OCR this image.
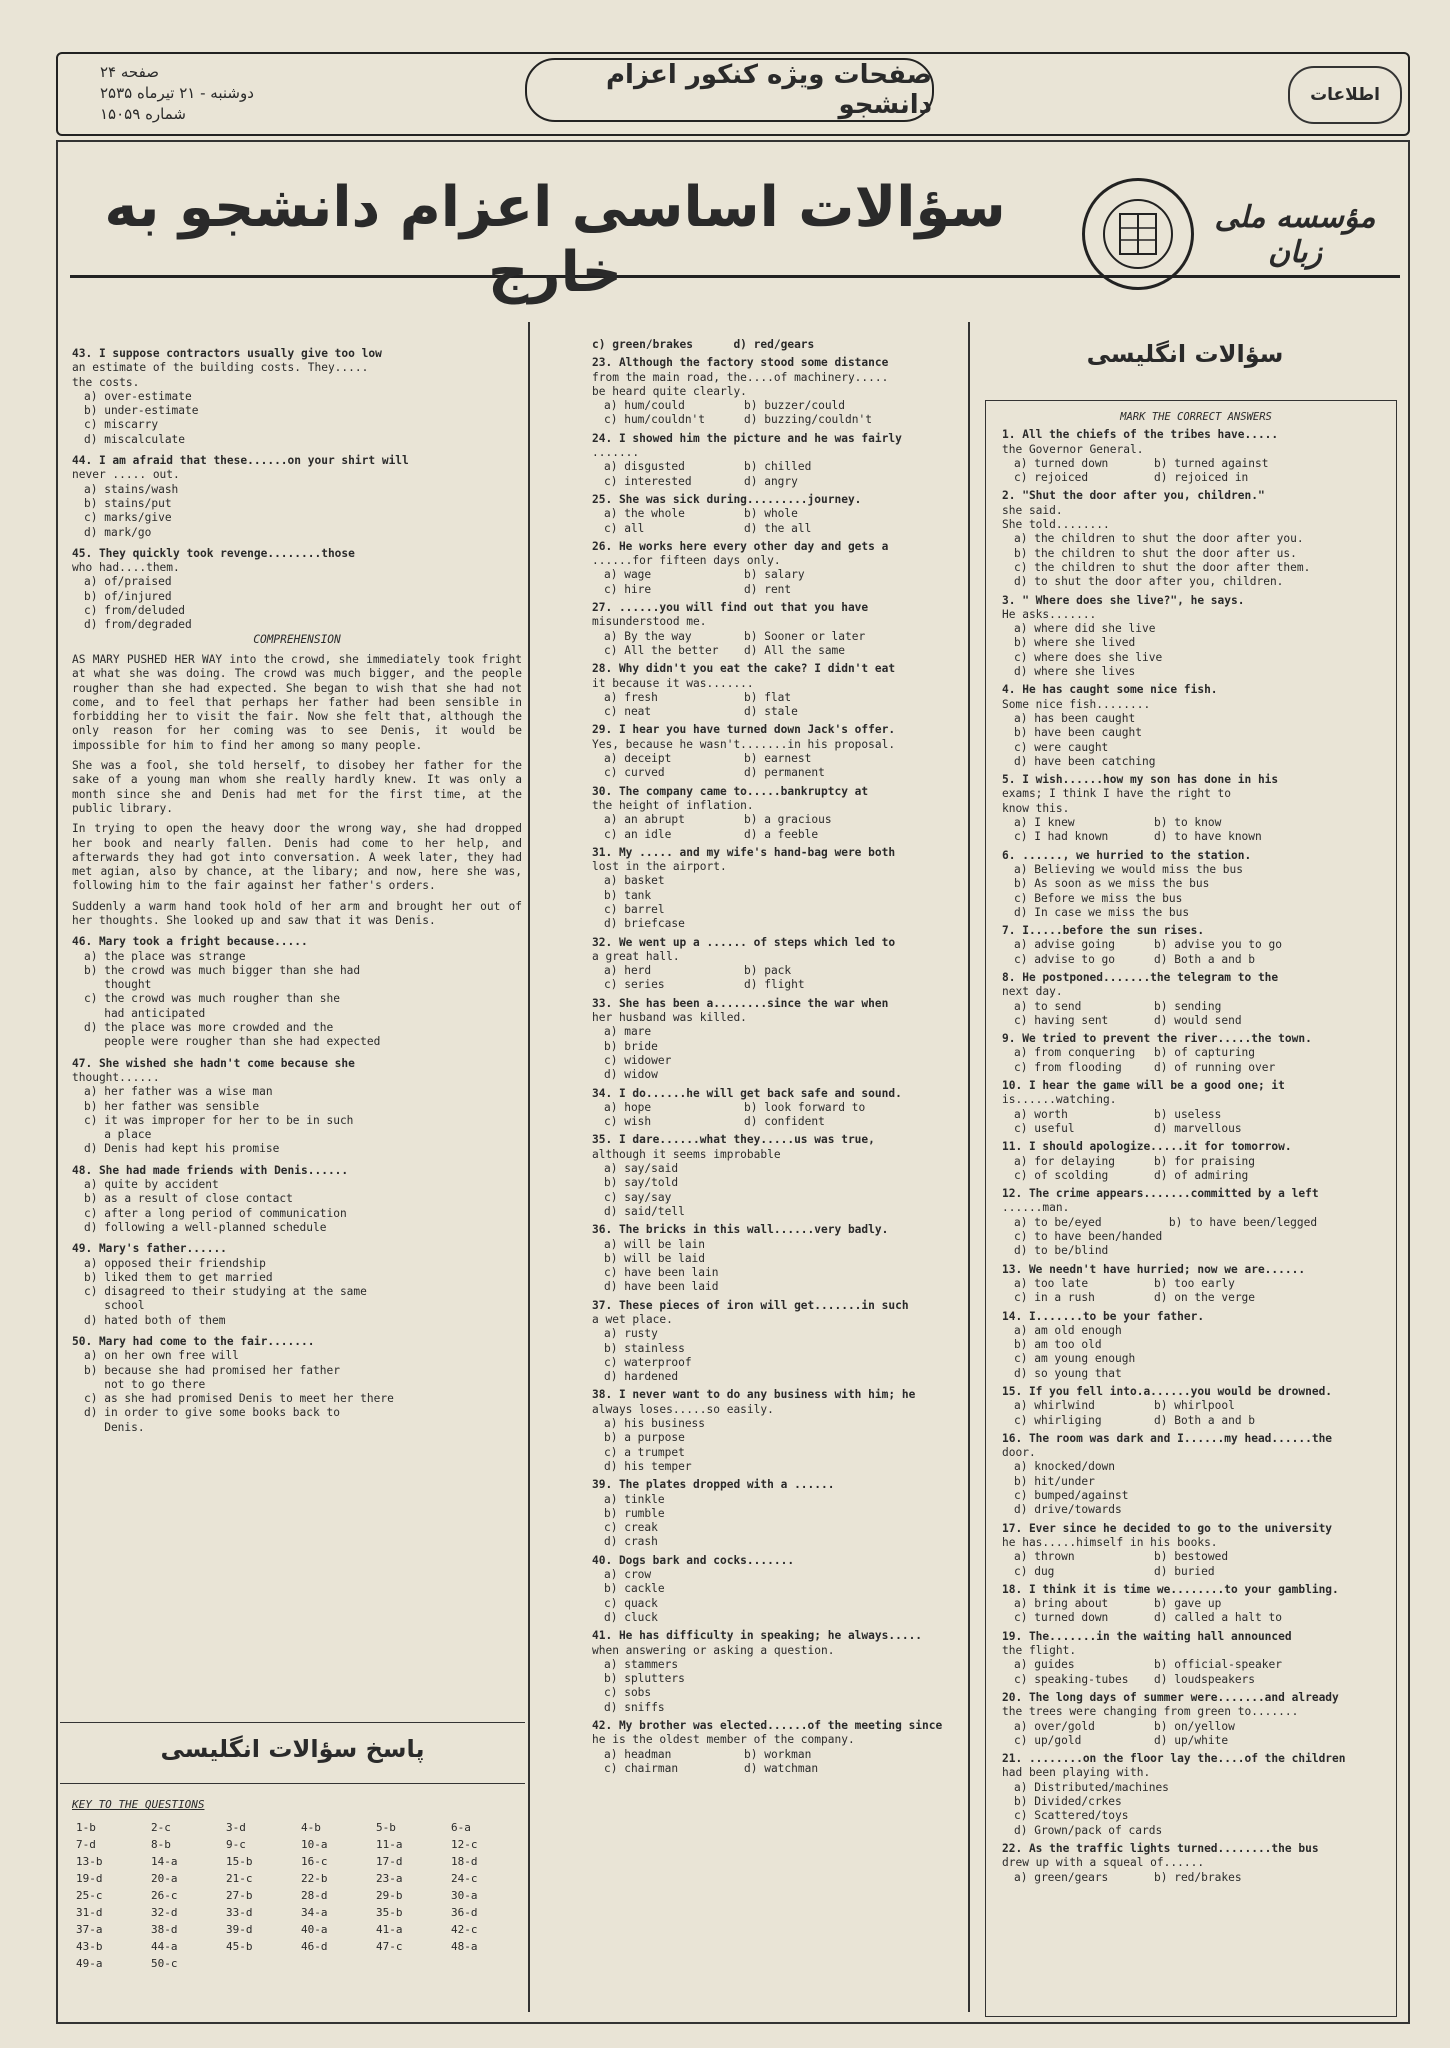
اطلاعات
صفحات ویژه کنکور اعزام دانشجو
صفحه ۲۴
دوشنبه - ۲۱ تیرماه ۲۵۳۵
شماره ۱۵۰۵۹
سؤالات اساسی اعزام دانشجو به خارج
مؤسسه ملی زبان
سؤالات انگلیسی

43. I suppose contractors usually give too low

an estimate of the building costs. They.....

the costs.

a) over-estimate

b) under-estimate

c) miscarry

d) miscalculate

44. I am afraid that these......on your shirt will

never ..... out.

a) stains/wash

b) stains/put

c) marks/give

d) mark/go

45. They quickly took revenge........those

who had....them.

a) of/praised

b) of/injured

c) from/deluded

d) from/degraded

COMPREHENSION

AS MARY PUSHED HER WAY into the crowd, she immediately took fright at what she was doing. The crowd was much bigger, and the people rougher than she had expected. She began to wish that she had not come, and to feel that perhaps her father had been sensible in forbidding her to visit the fair. Now she felt that, although the only reason for her coming was to see Denis, it would be impossible for him to find her among so many people.

She was a fool, she told herself, to disobey her father for the sake of a young man whom she really hardly knew. It was only a month since she and Denis had met for the first time, at the public library.

In trying to open the heavy door the wrong way, she had dropped her book and nearly fallen. Denis had come to her help, and afterwards they had got into conversation. A week later, they had met agian, also by chance, at the libary; and now, here she was, following him to the fair against her father's orders.

Suddenly a warm hand took hold of her arm and brought her out of her thoughts. She looked up and saw that it was Denis.

46. Mary took a fright because.....

a) the place was strange

b) the crowd was much bigger than she had

thought

c) the crowd was much rougher than she

had anticipated

d) the place was more crowded and the

people were rougher than she had expected

47. She wished she hadn't come because she

thought......

a) her father was a wise man

b) her father was sensible

c) it was improper for her to be in such

a place

d) Denis had kept his promise

48. She had made friends with Denis......

a) quite by accident

b) as a result of close contact

c) after a long period of communication

d) following a well-planned schedule

49. Mary's father......

a) opposed their friendship

b) liked them to get married

c) disagreed to their studying at the same

school

d) hated both of them

50. Mary had come to the fair.......

a) on her own free will

b) because she had promised her father

not to go there

c) as she had promised Denis to meet her there

d) in order to give some books back to

Denis.

پاسخ سؤالات انگلیسی
KEY TO THE QUESTIONS
1-b	2-c	3-d	4-b	5-b	6-a
7-d	8-b	9-c	10-a	11-a	12-c
13-b	14-a	15-b	16-c	17-d	18-d
19-d	20-a	21-c	22-b	23-a	24-c
25-c	26-c	27-b	28-d	29-b	30-a
31-d	32-d	33-d	34-a	35-b	36-d
37-a	38-d	39-d	40-a	41-a	42-c
43-b	44-a	45-b	46-d	47-c	48-a
49-a	50-c				

c) green/brakes      d) red/gears

23. Although the factory stood some distance

from the main road, the....of machinery.....

be heard quite clearly.

a) hum/could	b) buzzer/could
c) hum/couldn't	d) buzzing/couldn't

24. I showed him the picture and he was fairly

.......

a) disgusted	b) chilled
c) interested	d) angry

25. She was sick during.........journey.

a) the whole	b) whole
c) all	d) the all

26. He works here every other day and gets a

......for fifteen days only.

a) wage	b) salary
c) hire	d) rent

27. ......you will find out that you have

misunderstood me.

a) By the way	b) Sooner or later
c) All the better	d) All the same

28. Why didn't you eat the cake? I didn't eat

it because it was.......

a) fresh	b) flat
c) neat	d) stale

29. I hear you have turned down Jack's offer.

Yes, because he wasn't.......in his proposal.

a) deceipt	b) earnest
c) curved	d) permanent

30. The company came to.....bankruptcy at

the height of inflation.

a) an abrupt	b) a gracious
c) an idle	d) a feeble

31. My ..... and my wife's hand-bag were both

lost in the airport.

a) basket

b) tank

c) barrel

d) briefcase

32. We went up a ...... of steps which led to

a great hall.

a) herd	b) pack
c) series	d) flight

33. She has been a........since the war when

her husband was killed.

a) mare

b) bride

c) widower

d) widow

34. I do......he will get back safe and sound.

a) hope	b) look forward to
c) wish	d) confident

35. I dare......what they.....us was true,

although it seems improbable

a) say/said

b) say/told

c) say/say

d) said/tell

36. The bricks in this wall......very badly.

a) will be lain

b) will be laid

c) have been lain

d) have been laid

37. These pieces of iron will get.......in such

a wet place.

a) rusty

b) stainless

c) waterproof

d) hardened

38. I never want to do any business with him; he

always loses.....so easily.

a) his business

b) a purpose

c) a trumpet

d) his temper

39. The plates dropped with a ......

a) tinkle

b) rumble

c) creak

d) crash

40. Dogs bark and cocks.......

a) crow

b) cackle

c) quack

d) cluck

41. He has difficulty in speaking; he always.....

when answering or asking a question.

a) stammers

b) splutters

c) sobs

d) sniffs

42. My brother was elected......of the meeting since

he is the oldest member of the company.

a) headman	b) workman
c) chairman	d) watchman

MARK THE CORRECT ANSWERS

1. All the chiefs of the tribes have.....

the Governor General.

a) turned down	b) turned against
c) rejoiced	d) rejoiced in

2. "Shut the door after you, children."

she said.

She told........

a) the children to shut the door after you.

b) the children to shut the door after us.

c) the children to shut the door after them.

d) to shut the door after you, children.

3. " Where does she live?", he says.

He asks.......

a) where did she live

b) where she lived

c) where does she live

d) where she lives

4. He has caught some nice fish.

Some nice fish........

a) has been caught

b) have been caught

c) were caught

d) have been catching

5. I wish......how my son has done in his

exams; I think I have the right to

know this.

a) I knew	b) to know
c) I had known	d) to have known

6. ......, we hurried to the station.

a) Believing we would miss the bus

b) As soon as we miss the bus

c) Before we miss the bus

d) In case we miss the bus

7. I.....before the sun rises.

a) advise going	b) advise you to go
c) advise to go	d) Both a and b

8. He postponed.......the telegram to the

next day.

a) to send	b) sending
c) having sent	d) would send

9. We tried to prevent the river.....the town.

a) from conquering	b) of capturing
c) from flooding	d) of running over

10. I hear the game will be a good one; it

is......watching.

a) worth	b) useless
c) useful	d) marvellous

11. I should apologize.....it for tomorrow.

a) for delaying	b) for praising
c) of scolding	d) of admiring

12. The crime appears.......committed by a left

......man.

a) to be/eyed          b) to have been/legged

c) to have been/handed

d) to be/blind

13. We needn't have hurried; now we are......

a) too late	b) too early
c) in a rush	d) on the verge

14. I.......to be your father.

a) am old enough

b) am too old

c) am young enough

d) so young that

15. If you fell into.a......you would be drowned.

a) whirlwind	b) whirlpool
c) whirliging	d) Both a and b

16. The room was dark and I......my head......the

door.

a) knocked/down

b) hit/under

c) bumped/against

d) drive/towards

17. Ever since he decided to go to the university

he has.....himself in his books.

a) thrown	b) bestowed
c) dug	d) buried

18. I think it is time we........to your gambling.

a) bring about	b) gave up
c) turned down	d) called a halt to

19. The.......in the waiting hall announced

the flight.

a) guides	b) official-speaker
c) speaking-tubes	d) loudspeakers

20. The long days of summer were.......and already

the trees were changing from green to.......

a) over/gold	b) on/yellow
c) up/gold	d) up/white

21. ........on the floor lay the....of the children

had been playing with.

a) Distributed/machines

b) Divided/crkes

c) Scattered/toys

d) Grown/pack of cards

22. As the traffic lights turned........the bus

drew up with a squeal of......

a) green/gears	b) red/brakes
